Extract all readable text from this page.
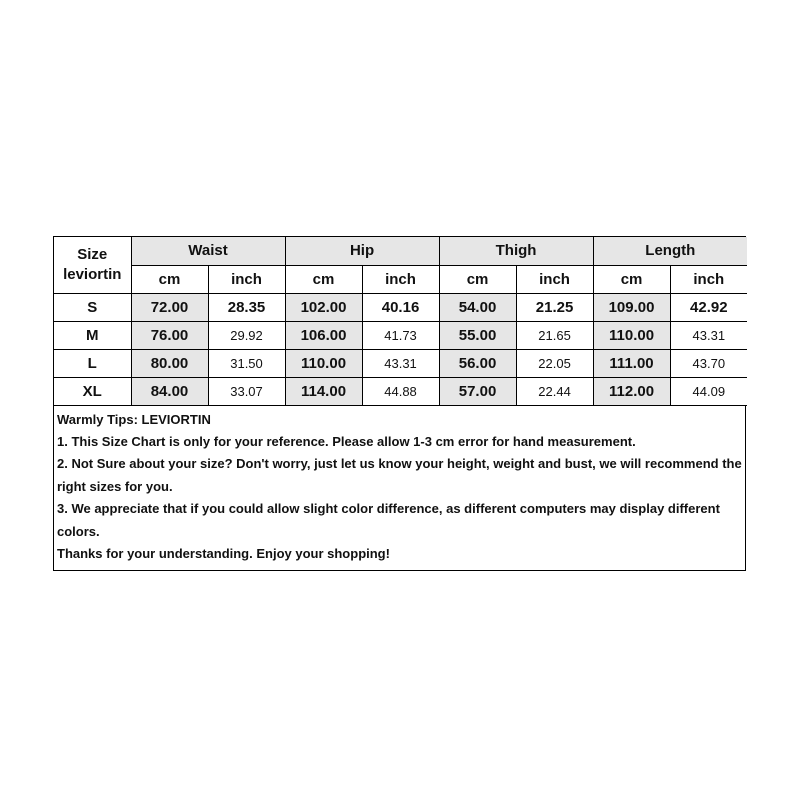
Size
leviortin	Waist		Hip		Thigh		Length	
	cm	inch	cm	inch	cm	inch	cm	inch
S	72.00	28.35	102.00	40.16	54.00	21.25	109.00	42.92
M	76.00	29.92	106.00	41.73	55.00	21.65	110.00	43.31
L	80.00	31.50	110.00	43.31	56.00	22.05	111.00	43.70
XL	84.00	33.07	114.00	44.88	57.00	22.44	112.00	44.09

Warmly Tips: LEVIORTIN

1. This Size Chart is only for your reference. Please allow 1-3 cm error for hand measurement.

2. Not Sure about your size? Don't worry, just let us know your height, weight and bust, we will recommend the right sizes for you.

3. We appreciate that if you could allow slight color difference, as different computers may display different colors.

Thanks for your understanding. Enjoy your shopping!
